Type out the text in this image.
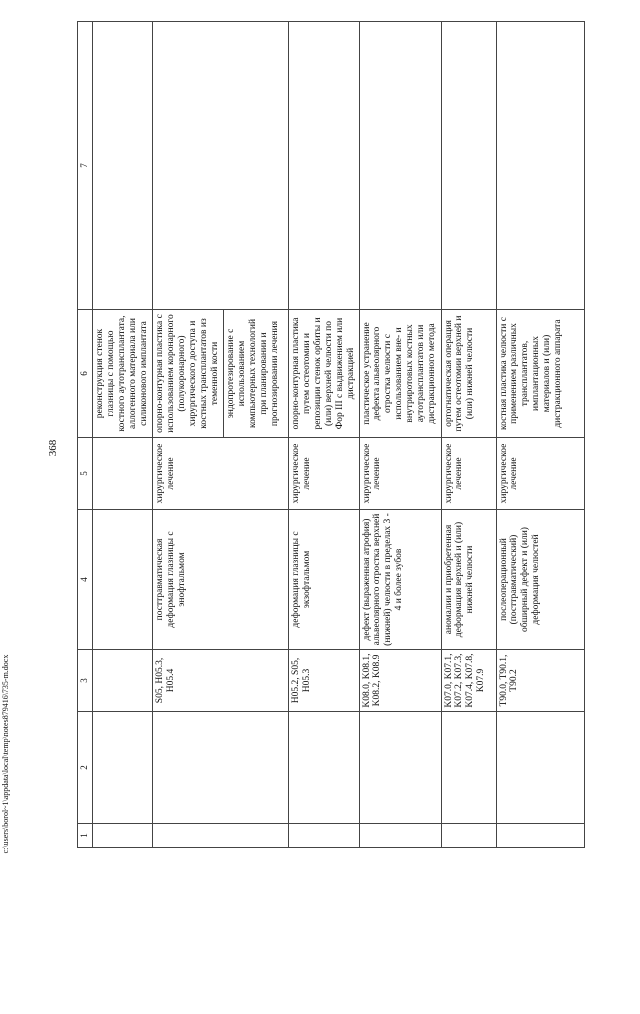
368
1	2	3	4	5	6	7
					реконструкция стенок глазницы с помощью костного аутотрансплантата, аллогенного материала или силиконового имплантата	
		S05, H05.3, H05.4	посттравматическая деформация глазницы с энофтальмом	хирургическое лечение	опорно-контурная пластика с использованием коронарного (полукоронарного) хирургического доступа и костных трансплантатов из теменной кости эндопротезирование с использованием компьютерных технологий при планировании и прогнозировании лечения	

		H05.2, S05, H05.3	деформация глазницы с экзофтальмом	хирургическое лечение	опорно-контурная пластика путем остеотомии и репозиции стенок орбиты и (или) верхней челюсти по Фор III с выдвижением или дистракцией	
		K08.0, K08.1, K08.2, K08.9	дефект (выраженная атрофия) альвеолярного отростка верхней (нижней) челюсти в пределах 3 - 4 и более зубов	хирургическое лечение	пластическое устранение дефекта альвеолярного отростка челюсти с использованием вне- и внутриротовых костных аутотрансплантатов или дистракционного метода	
		K07.0, K07.1, K07.2, K07.3, K07.4, K07.8, K07.9	аномалии и приобретенная деформация верхней и (или) нижней челюсти	хирургическое лечение	ортогнатическая операция путем остеотомии верхней и (или) нижней челюсти	
		T90.0, T90.1, T90.2	послеоперационный (посттравматический) обширный дефект и (или) деформация челюстей	хирургическое лечение	костная пластика челюсти с применением различных трансплантатов, имплантационных материалов и (или) дистракционного аппарата	
c:\users\borol~1\appdata\local\temp\notes879416\735-m.docx
